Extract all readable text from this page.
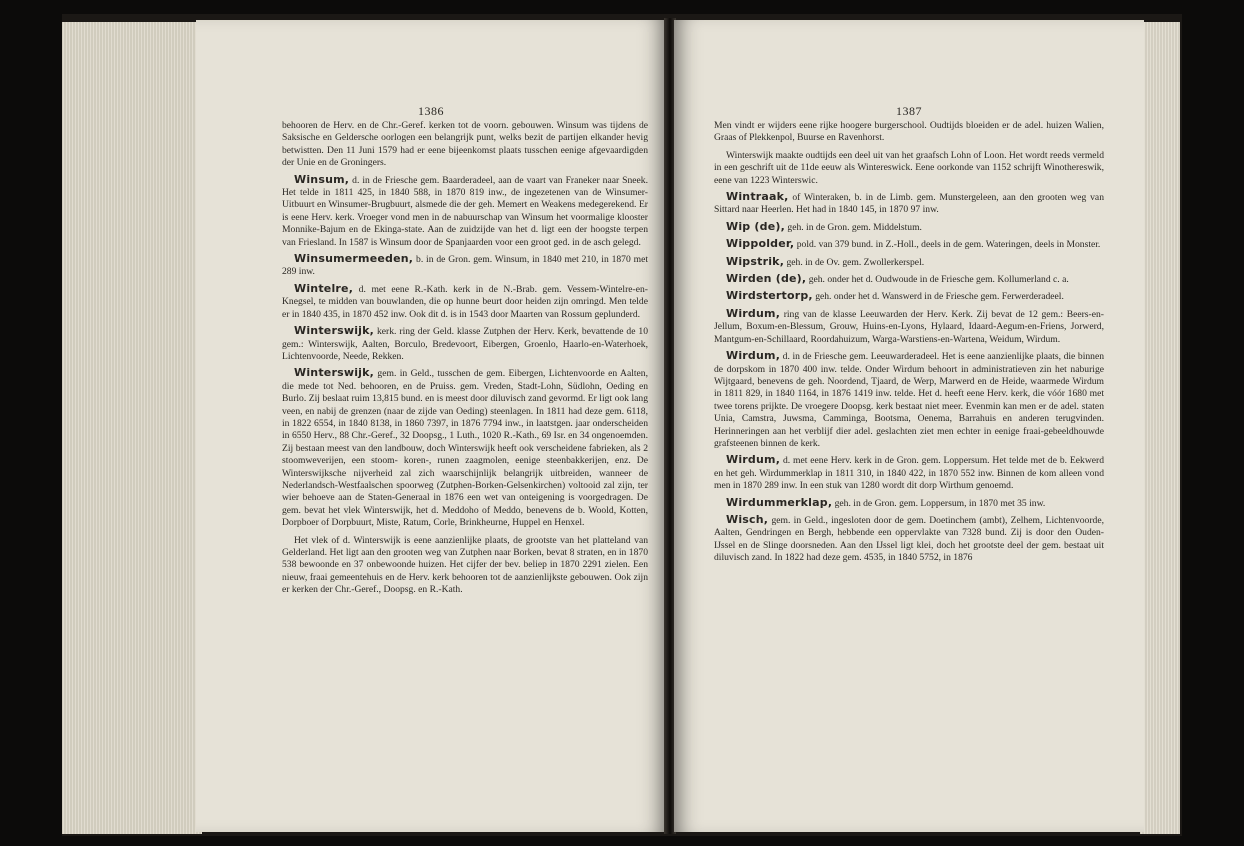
1386

behooren de Herv. en de Chr.-Geref. kerken tot de voorn. gebouwen. Winsum was tijdens de Saksische en Geldersche oorlogen een belangrijk punt, welks bezit de partijen elkander hevig betwistten. Den 11 Juni 1579 had er eene bijeenkomst plaats tusschen eenige afgevaardigden der Unie en de Groningers.

Winsum, d. in de Friesche gem. Baarderadeel, aan de vaart van Franeker naar Sneek. Het telde in 1811 425, in 1840 588, in 1870 819 inw., de ingezetenen van de Winsumer-Uitbuurt en Winsumer-Brugbuurt, alsmede die der geh. Memert en Weakens medegerekend. Er is eene Herv. kerk. Vroeger vond men in de nabuurschap van Winsum het voormalige klooster Monnike-Bajum en de Ekinga-state. Aan de zuidzijde van het d. ligt een der hoogste terpen van Friesland. In 1587 is Winsum door de Spanjaarden voor een groot ged. in de asch gelegd.

Winsumermeeden, b. in de Gron. gem. Winsum, in 1840 met 210, in 1870 met 289 inw.

Wintelre, d. met eene R.-Kath. kerk in de N.-Brab. gem. Vessem-Wintelre-en-Knegsel, te midden van bouwlanden, die op hunne beurt door heiden zijn omringd. Men telde er in 1840 435, in 1870 452 inw. Ook dit d. is in 1543 door Maarten van Rossum geplunderd.

Winterswijk, kerk. ring der Geld. klasse Zutphen der Herv. Kerk, bevattende de 10 gem.: Winterswijk, Aalten, Borculo, Bredevoort, Eibergen, Groenlo, Haarlo-en-Waterhoek, Lichtenvoorde, Neede, Rekken.

Winterswijk, gem. in Geld., tusschen de gem. Eibergen, Lichtenvoorde en Aalten, die mede tot Ned. behooren, en de Pruiss. gem. Vreden, Stadt-Lohn, Südlohn, Oeding en Burlo. Zij beslaat ruim 13,815 bund. en is meest door diluvisch zand gevormd. Er ligt ook lang veen, en nabij de grenzen (naar de zijde van Oeding) steenlagen. In 1811 had deze gem. 6118, in 1822 6554, in 1840 8138, in 1860 7397, in 1876 7794 inw., in laatstgen. jaar onderscheiden in 6550 Herv., 88 Chr.-Geref., 32 Doopsg., 1 Luth., 1020 R.-Kath., 69 Isr. en 34 ongenoemden. Zij bestaan meest van den landbouw, doch Winterswijk heeft ook verscheidene fabrieken, als 2 stoomweverijen, een stoom- koren-, runen zaagmolen, eenige steenbakkerijen, enz. De Winterswijksche nijverheid zal zich waarschijnlijk belangrijk uitbreiden, wanneer de Nederlandsch-Westfaalschen spoorweg (Zutphen-Borken-Gelsenkirchen) voltooid zal zijn, ter wier behoeve aan de Staten-Generaal in 1876 een wet van onteigening is voorgedragen. De gem. bevat het vlek Winterswijk, het d. Meddoho of Meddo, benevens de b. Woold, Kotten, Dorpboer of Dorpbuurt, Miste, Ratum, Corle, Brinkheurne, Huppel en Henxel.

Het vlek of d. Winterswijk is eene aanzienlijke plaats, de grootste van het platteland van Gelderland. Het ligt aan den grooten weg van Zutphen naar Borken, bevat 8 straten, en in 1870 538 bewoonde en 37 onbewoonde huizen. Het cijfer der bev. beliep in 1870 2291 zielen. Een nieuw, fraai gemeentehuis en de Herv. kerk behooren tot de aanzienlijkste gebouwen. Ook zijn er kerken der Chr.-Geref., Doopsg. en R.-Kath.

1387

Men vindt er wijders eene rijke hoogere burgerschool. Oudtijds bloeiden er de adel. huizen Walien, Graas of Plekkenpol, Buurse en Ravenhorst.

Winterswijk maakte oudtijds een deel uit van het graafsch Lohn of Loon. Het wordt reeds vermeld in een geschrift uit de 11de eeuw als Wintereswick. Eene oorkonde van 1152 schrijft Winothereswik, eene van 1223 Winterswic.

Wintraak, of Winteraken, b. in de Limb. gem. Munstergeleen, aan den grooten weg van Sittard naar Heerlen. Het had in 1840 145, in 1870 97 inw.

Wip (de), geh. in de Gron. gem. Middelstum.

Wippolder, pold. van 379 bund. in Z.-Holl., deels in de gem. Wateringen, deels in Monster.

Wipstrik, geh. in de Ov. gem. Zwollerkerspel.

Wirden (de), geh. onder het d. Oudwoude in de Friesche gem. Kollumerland c. a.

Wirdstertorp, geh. onder het d. Wanswerd in de Friesche gem. Ferwerderadeel.

Wirdum, ring van de klasse Leeuwarden der Herv. Kerk. Zij bevat de 12 gem.: Beers-en-Jellum, Boxum-en-Blessum, Grouw, Huins-en-Lyons, Hylaard, Idaard-Aegum-en-Friens, Jorwerd, Mantgum-en-Schillaard, Roordahuizum, Warga-Warstiens-en-Wartena, Weidum, Wirdum.

Wirdum, d. in de Friesche gem. Leeuwarderadeel. Het is eene aanzienlijke plaats, die binnen de dorpskom in 1870 400 inw. telde. Onder Wirdum behoort in administratieven zin het naburige Wijtgaard, benevens de geh. Noordend, Tjaard, de Werp, Marwerd en de Heide, waarmede Wirdum in 1811 829, in 1840 1164, in 1876 1419 inw. telde. Het d. heeft eene Herv. kerk, die vóór 1680 met twee torens prijkte. De vroegere Doopsg. kerk bestaat niet meer. Evenmin kan men er de adel. staten Unia, Camstra, Juwsma, Camminga, Bootsma, Oenema, Barrahuis en anderen terugvinden. Herinneringen aan het verblijf dier adel. geslachten ziet men echter in eenige fraai-gebeeldhouwde grafsteenen binnen de kerk.

Wirdum, d. met eene Herv. kerk in de Gron. gem. Loppersum. Het telde met de b. Eekwerd en het geh. Wirdummerklap in 1811 310, in 1840 422, in 1870 552 inw. Binnen de kom alleen vond men in 1870 289 inw. In een stuk van 1280 wordt dit dorp Wirthum genoemd.

Wirdummerklap, geh. in de Gron. gem. Loppersum, in 1870 met 35 inw.

Wisch, gem. in Geld., ingesloten door de gem. Doetinchem (ambt), Zelhem, Lichtenvoorde, Aalten, Gendringen en Bergh, hebbende een oppervlakte van 7328 bund. Zij is door den Ouden-IJssel en de Slinge doorsneden. Aan den IJssel ligt klei, doch het grootste deel der gem. bestaat uit diluvisch zand. In 1822 had deze gem. 4535, in 1840 5752, in 1876
